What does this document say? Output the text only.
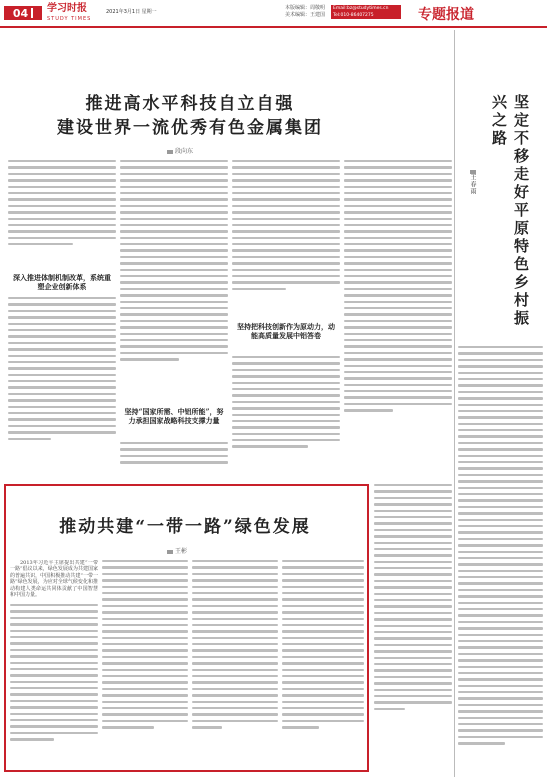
04 学习时报
STUDY TIMES
2021年3月1日 星期一
本版编辑：周敬明
美术编辑：王建国
Email:bz@studytimes.cn
Tel:010-86407275	专题报道
推进高水平科技自立自强
建设世界一流优秀有色金属集团
段向东
深入推进体制机制改革，系统重塑企业创新体系
坚持“国家所需、中铝所能”，努力承担国家战略科技支撑力量
坚持把科技创新作为原动力，动能高质量发展中铝答卷
推动共建“一带一路”绿色发展
王彬

2013年习近平主席提出共建“一带一路”倡议以来，绿色发展成为共建国家的普遍共识，中国积极推动共建“一带一路”绿色发展，为应对全球气候变化和推动构建人类命运共同体贡献了中国智慧和中国力量。

坚定不移走好平原特色乡村振兴之路
王春雨
